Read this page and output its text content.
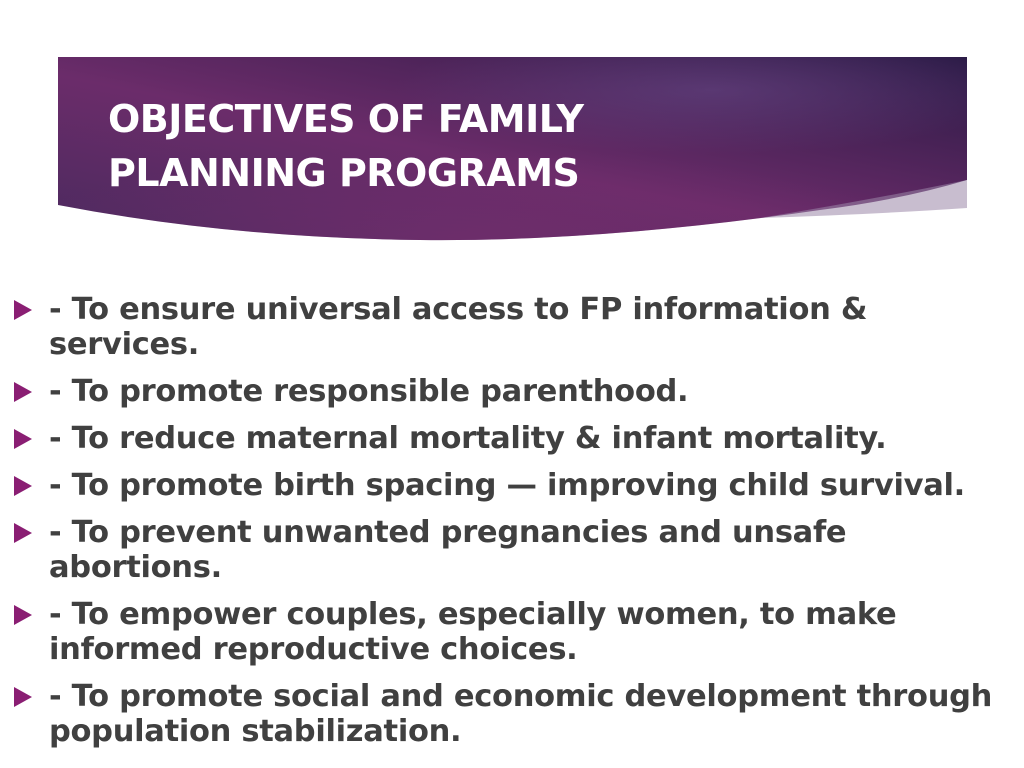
OBJECTIVES OF FAMILY
PLANNING PROGRAMS
- To ensure universal access to FP information & services.
- To promote responsible parenthood.
- To reduce maternal mortality & infant mortality.
- To promote birth spacing — improving child survival.
- To prevent unwanted pregnancies and unsafe abortions.
- To empower couples, especially women, to make informed reproductive choices.
- To promote social and economic development through population stabilization.
